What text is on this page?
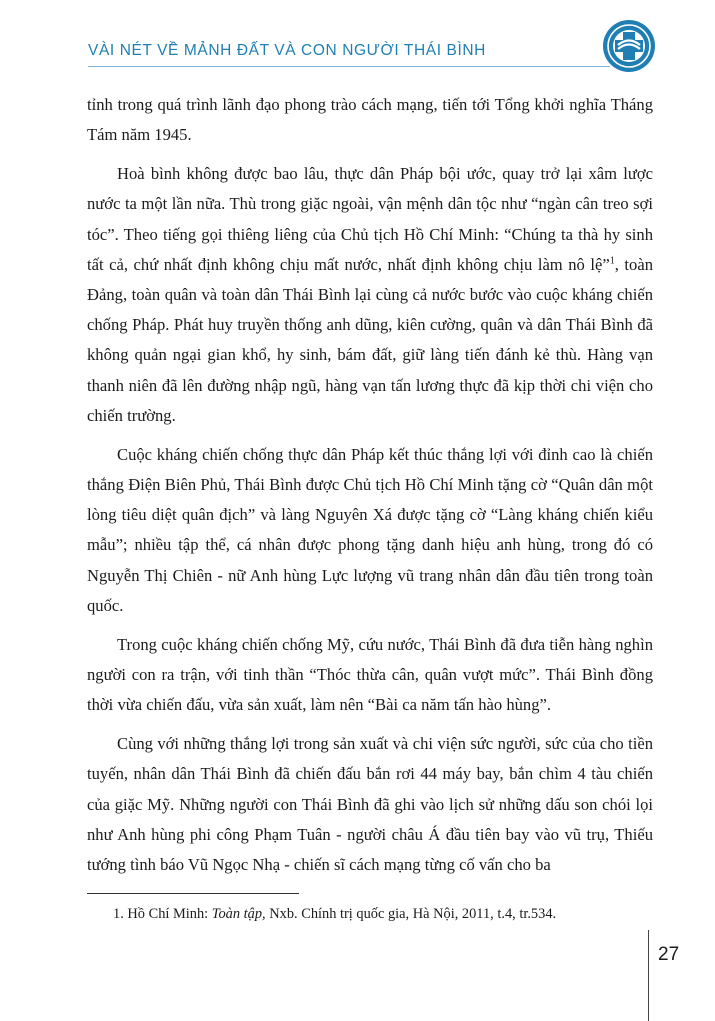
VÀI NÉT VỀ MẢNH ĐẤT VÀ CON NGƯỜI THÁI BÌNH

tỉnh trong quá trình lãnh đạo phong trào cách mạng, tiến tới Tổng khởi nghĩa Tháng Tám năm 1945.

Hoà bình không được bao lâu, thực dân Pháp bội ước, quay trở lại xâm lược nước ta một lần nữa. Thù trong giặc ngoài, vận mệnh dân tộc như “ngàn cân treo sợi tóc”. Theo tiếng gọi thiêng liêng của Chủ tịch Hồ Chí Minh: “Chúng ta thà hy sinh tất cả, chứ nhất định không chịu mất nước, nhất định không chịu làm nô lệ”$^1$, toàn Đảng, toàn quân và toàn dân Thái Bình lại cùng cả nước bước vào cuộc kháng chiến chống Pháp. Phát huy truyền thống anh dũng, kiên cường, quân và dân Thái Bình đã không quản ngại gian khổ, hy sinh, bám đất, giữ làng tiến đánh kẻ thù. Hàng vạn thanh niên đã lên đường nhập ngũ, hàng vạn tấn lương thực đã kịp thời chi viện cho chiến trường.

Cuộc kháng chiến chống thực dân Pháp kết thúc thắng lợi với đỉnh cao là chiến thắng Điện Biên Phủ, Thái Bình được Chủ tịch Hồ Chí Minh tặng cờ “Quân dân một lòng tiêu diệt quân địch” và làng Nguyên Xá được tặng cờ “Làng kháng chiến kiểu mẫu”; nhiều tập thể, cá nhân được phong tặng danh hiệu anh hùng, trong đó có Nguyễn Thị Chiên - nữ Anh hùng Lực lượng vũ trang nhân dân đầu tiên trong toàn quốc.

Trong cuộc kháng chiến chống Mỹ, cứu nước, Thái Bình đã đưa tiễn hàng nghìn người con ra trận, với tinh thần “Thóc thừa cân, quân vượt mức”. Thái Bình đồng thời vừa chiến đấu, vừa sản xuất, làm nên “Bài ca năm tấn hào hùng”.

Cùng với những thắng lợi trong sản xuất và chi viện sức người, sức của cho tiền tuyến, nhân dân Thái Bình đã chiến đấu bắn rơi 44 máy bay, bắn chìm 4 tàu chiến của giặc Mỹ. Những người con Thái Bình đã ghi vào lịch sử những dấu son chói lọi như Anh hùng phi công Phạm Tuân - người châu Á đầu tiên bay vào vũ trụ, Thiếu tướng tình báo Vũ Ngọc Nhạ - chiến sĩ cách mạng từng cố vấn cho ba

1. Hồ Chí Minh: Toàn tập, Nxb. Chính trị quốc gia, Hà Nội, 2011, t.4, tr.534.
27
